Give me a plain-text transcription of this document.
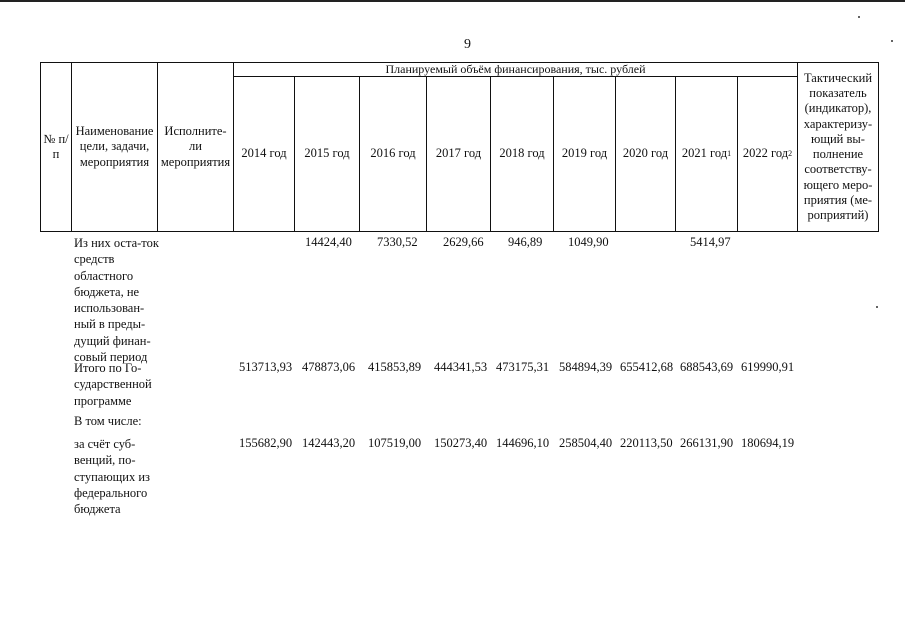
9
№ п/п
Наименование цели, задачи, мероприятия
Исполните-ли мероприятия
Планируемый объём финансирования, тыс. рублей
Тактический показатель (индикатор), характеризу-ющий вы-полнение соответству-ющего меро-приятия (ме-роприятий)
2014 год 2015 год 2016 год 2017 год 2018 год 2019 год 2020 год 2021 год 1 2022 год 2
Из них оста-ток средств областного бюджета, не использован-ный в преды-дущий финан-совый период
14424,40 7330,52 2629,66 946,89 1049,90	5414,97
Итого по Го-сударственной программе
513713,93 478873,06 415853,89 444341,53 473175,31 584894,39 655412,68 688543,69 619990,91
В том числе:
за счёт суб-венций, по-ступающих из федерального бюджета
155682,90 142443,20 107519,00 150273,40 144696,10 258504,40 220113,50 266131,90 180694,19
